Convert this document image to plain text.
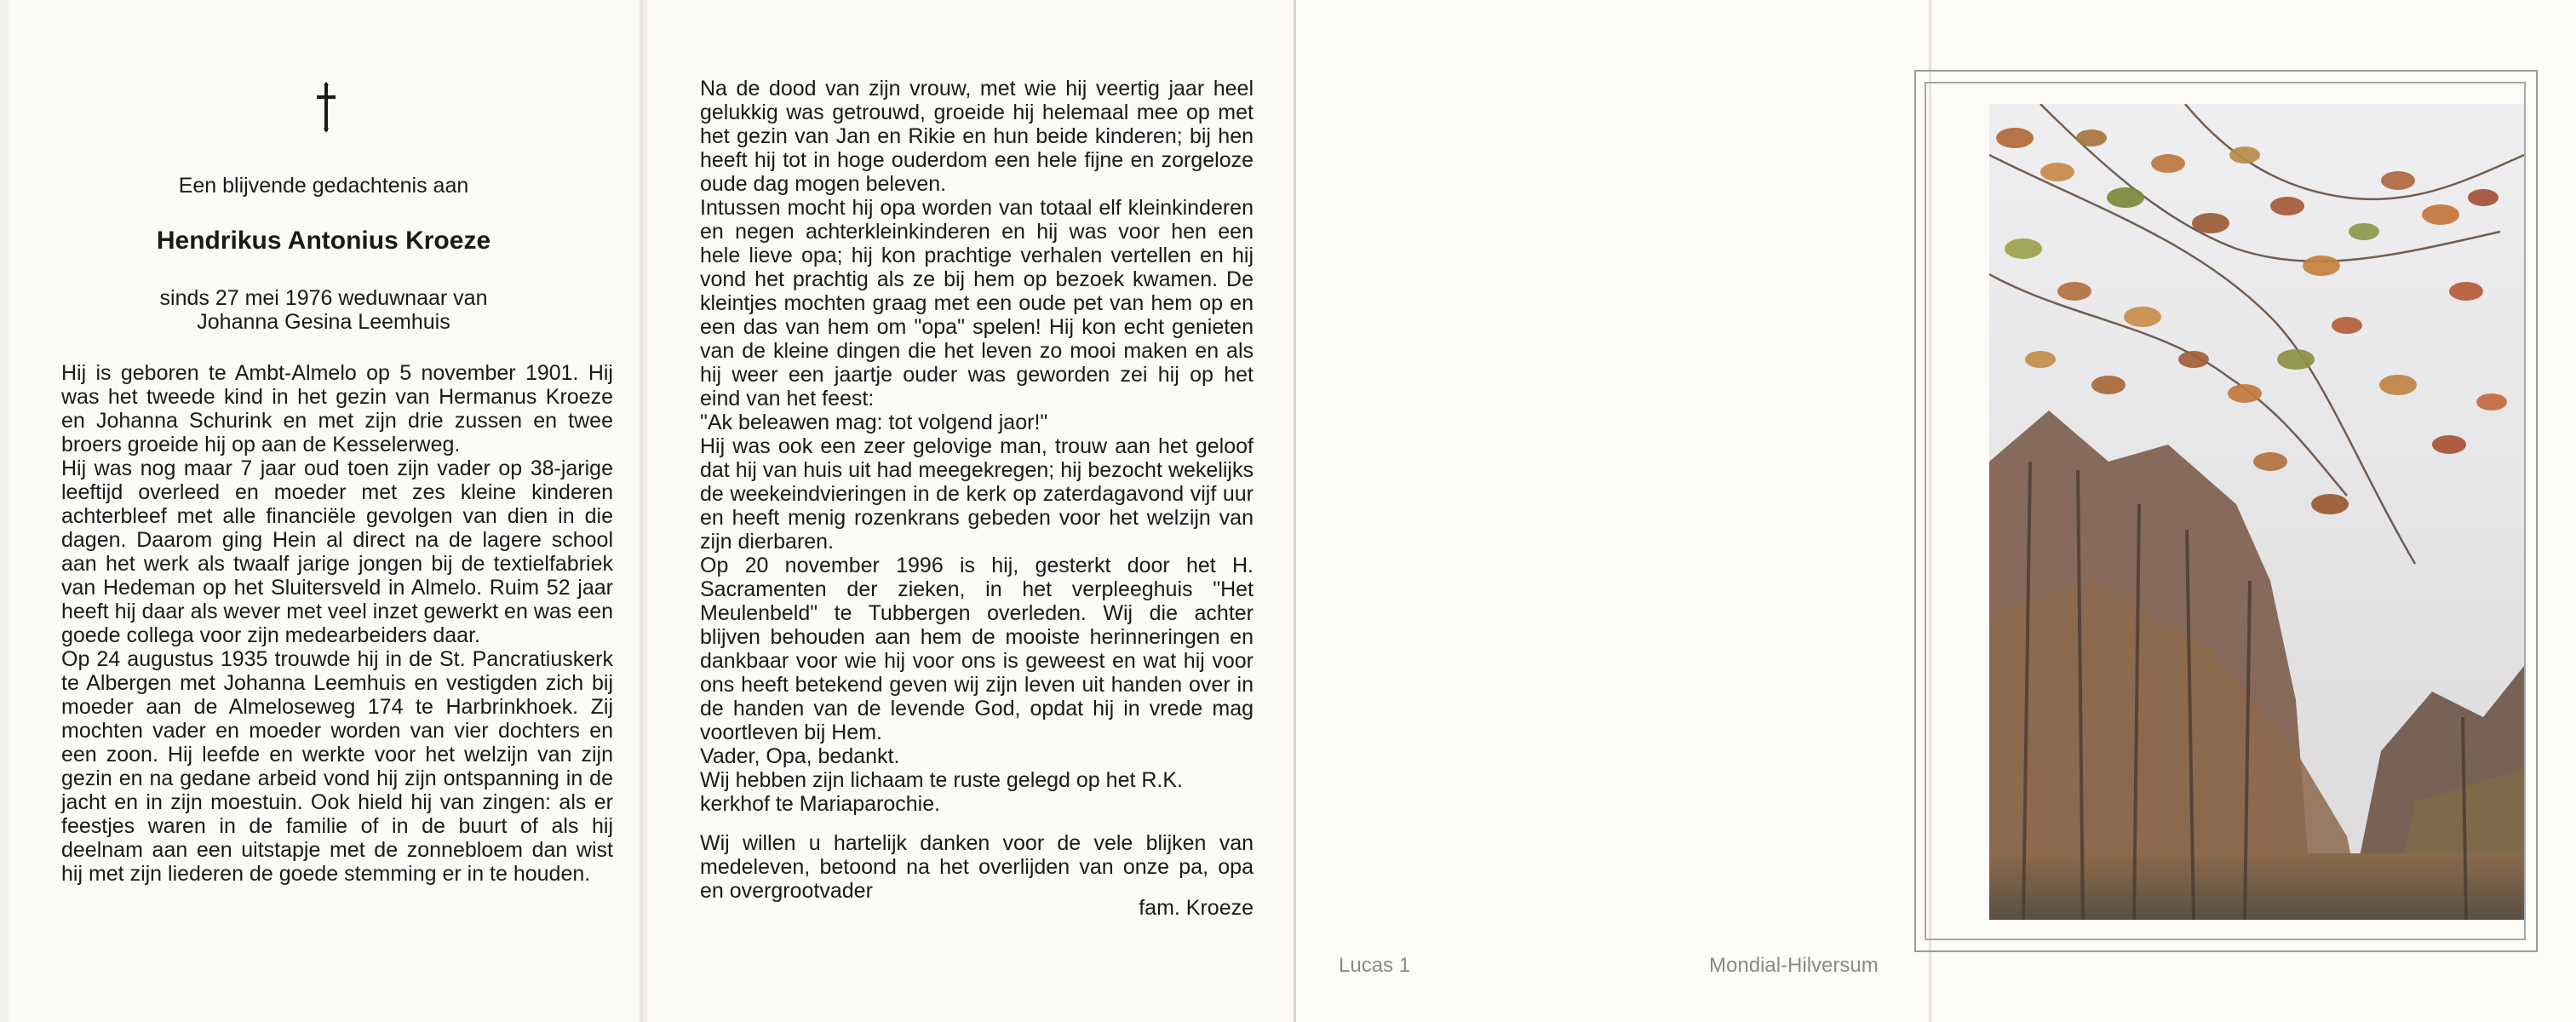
Een blijvende gedachtenis aan
Hendrikus Antonius Kroeze
sinds 27 mei 1976 weduwnaar van
Johanna Gesina Leemhuis

Hij is geboren te Ambt-Almelo op 5 november 1901. Hij was het tweede kind in het gezin van Hermanus Kroeze en Johanna Schurink en met zijn drie zussen en twee broers groeide hij op aan de Kesselerweg.

Hij was nog maar 7 jaar oud toen zijn vader op 38-jarige leeftijd overleed en moeder met zes kleine kinderen achterbleef met alle financiële gevolgen van dien in die dagen. Daarom ging Hein al direct na de lagere school aan het werk als twaalf jarige jongen bij de textielfabriek van Hedeman op het Sluitersveld in Almelo. Ruim 52 jaar heeft hij daar als wever met veel inzet gewerkt en was een goede collega voor zijn medearbeiders daar.

Op 24 augustus 1935 trouwde hij in de St. Pancratiuskerk te Albergen met Johanna Leemhuis en vestigden zich bij moeder aan de Almeloseweg 174 te Harbrinkhoek. Zij mochten vader en moeder worden van vier dochters en een zoon. Hij leefde en werkte voor het welzijn van zijn gezin en na gedane arbeid vond hij zijn ontspanning in de jacht en in zijn moestuin. Ook hield hij van zingen: als er feestjes waren in de familie of in de buurt of als hij deelnam aan een uitstapje met de zonnebloem dan wist hij met zijn liederen de goede stemming er in te houden.

Na de dood van zijn vrouw, met wie hij veertig jaar heel gelukkig was getrouwd, groeide hij helemaal mee op met het gezin van Jan en Rikie en hun beide kinderen; bij hen heeft hij tot in hoge ouderdom een hele fijne en zorgeloze oude dag mogen beleven.

Intussen mocht hij opa worden van totaal elf kleinkinderen en negen achterkleinkinderen en hij was voor hen een hele lieve opa; hij kon prachtige verhalen vertellen en hij vond het prachtig als ze bij hem op bezoek kwamen. De kleintjes mochten graag met een oude pet van hem op en een das van hem om "opa" spelen! Hij kon echt genieten van de kleine dingen die het leven zo mooi maken en als hij weer een jaartje ouder was geworden zei hij op het eind van het feest:

"Ak beleawen mag: tot volgend jaor!"

Hij was ook een zeer gelovige man, trouw aan het geloof dat hij van huis uit had meegekregen; hij bezocht wekelijks de weekeindvieringen in de kerk op zaterdagavond vijf uur en heeft menig rozenkrans gebeden voor het welzijn van zijn dierbaren.

Op 20 november 1996 is hij, gesterkt door het H. Sacramenten der zieken, in het verpleeghuis "Het Meulenbeld" te Tubbergen overleden. Wij die achter blijven behouden aan hem de mooiste herinneringen en dankbaar voor wie hij voor ons is geweest en wat hij voor ons heeft betekend geven wij zijn leven uit handen over in de handen van de levende God, opdat hij in vrede mag voortleven bij Hem.

Vader, Opa, bedankt.

Wij hebben zijn lichaam te ruste gelegd op het R.K. kerkhof te Mariaparochie.

Wij willen u hartelijk danken voor de vele blijken van medeleven, betoond na het overlijden van onze pa, opa en overgrootvader
fam. Kroeze
Lucas 1	Mondial-Hilversum
